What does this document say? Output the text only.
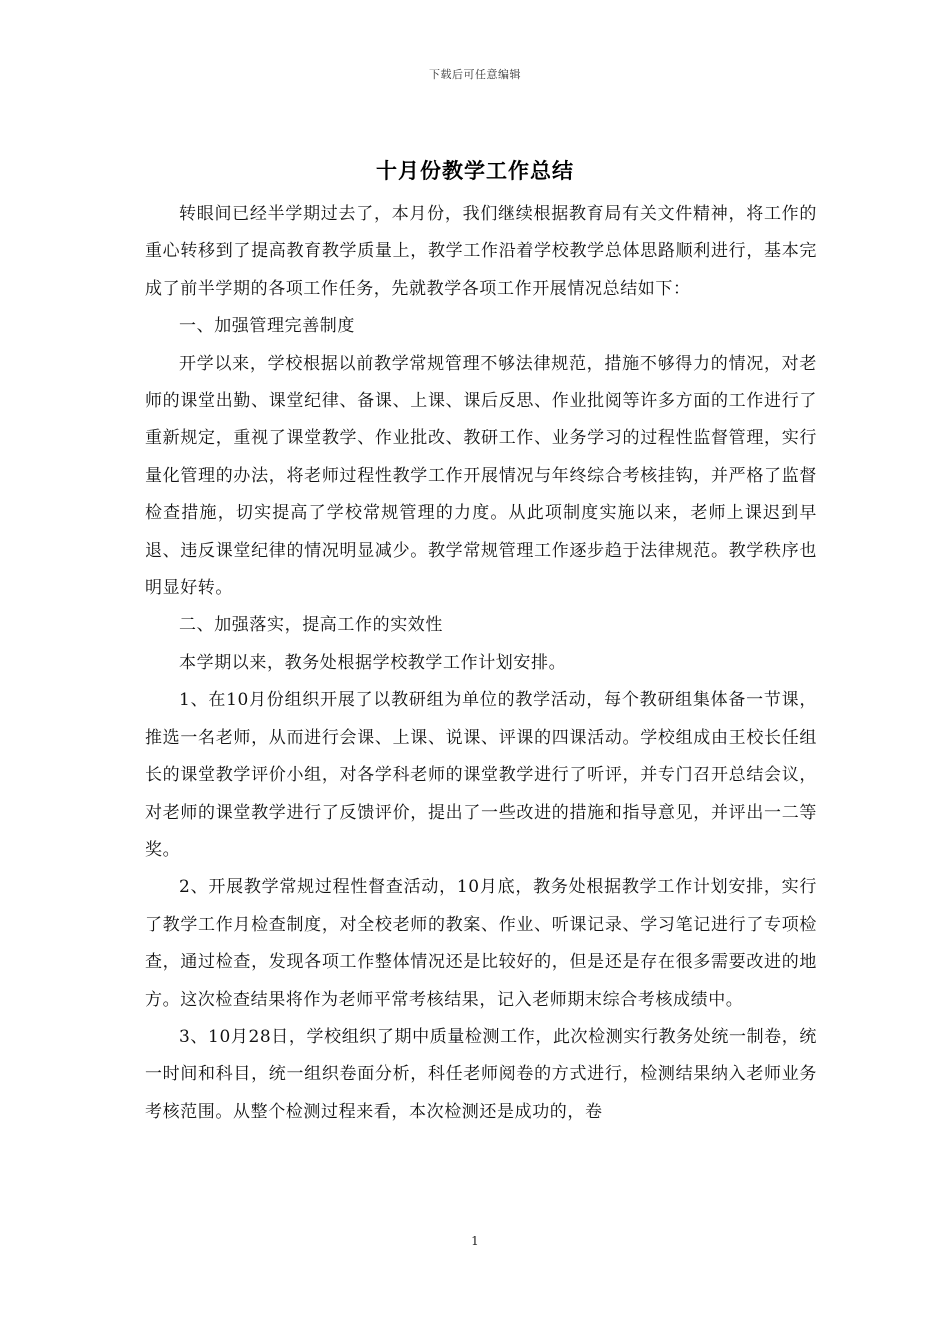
下载后可任意编辑
十月份教学工作总结

转眼间已经半学期过去了，本月份，我们继续根据教育局有关文件精神，将工作的重心转移到了提高教育教学质量上，教学工作沿着学校教学总体思路顺利进行，基本完成了前半学期的各项工作任务，先就教学各项工作开展情况总结如下：

一、加强管理完善制度

开学以来，学校根据以前教学常规管理不够法律规范，措施不够得力的情况，对老师的课堂出勤、课堂纪律、备课、上课、课后反思、作业批阅等许多方面的工作进行了重新规定，重视了课堂教学、作业批改、教研工作、业务学习的过程性监督管理，实行量化管理的办法，将老师过程性教学工作开展情况与年终综合考核挂钩，并严格了监督检查措施，切实提高了学校常规管理的力度。从此项制度实施以来，老师上课迟到早退、违反课堂纪律的情况明显减少。教学常规管理工作逐步趋于法律规范。教学秩序也明显好转。

二、加强落实，提高工作的实效性

本学期以来，教务处根据学校教学工作计划安排。

1、在10月份组织开展了以教研组为单位的教学活动，每个教研组集体备一节课，推选一名老师，从而进行会课、上课、说课、评课的四课活动。学校组成由王校长任组长的课堂教学评价小组，对各学科老师的课堂教学进行了听评，并专门召开总结会议，对老师的课堂教学进行了反馈评价，提出了一些改进的措施和指导意见，并评出一二等奖。

2、开展教学常规过程性督查活动，10月底，教务处根据教学工作计划安排，实行了教学工作月检查制度，对全校老师的教案、作业、听课记录、学习笔记进行了专项检查，通过检查，发现各项工作整体情况还是比较好的，但是还是存在很多需要改进的地方。这次检查结果将作为老师平常考核结果，记入老师期末综合考核成绩中。

3、10月28日，学校组织了期中质量检测工作，此次检测实行教务处统一制卷，统一时间和科目，统一组织卷面分析，科任老师阅卷的方式进行，检测结果纳入老师业务考核范围。从整个检测过程来看，本次检测还是成功的，卷

1
